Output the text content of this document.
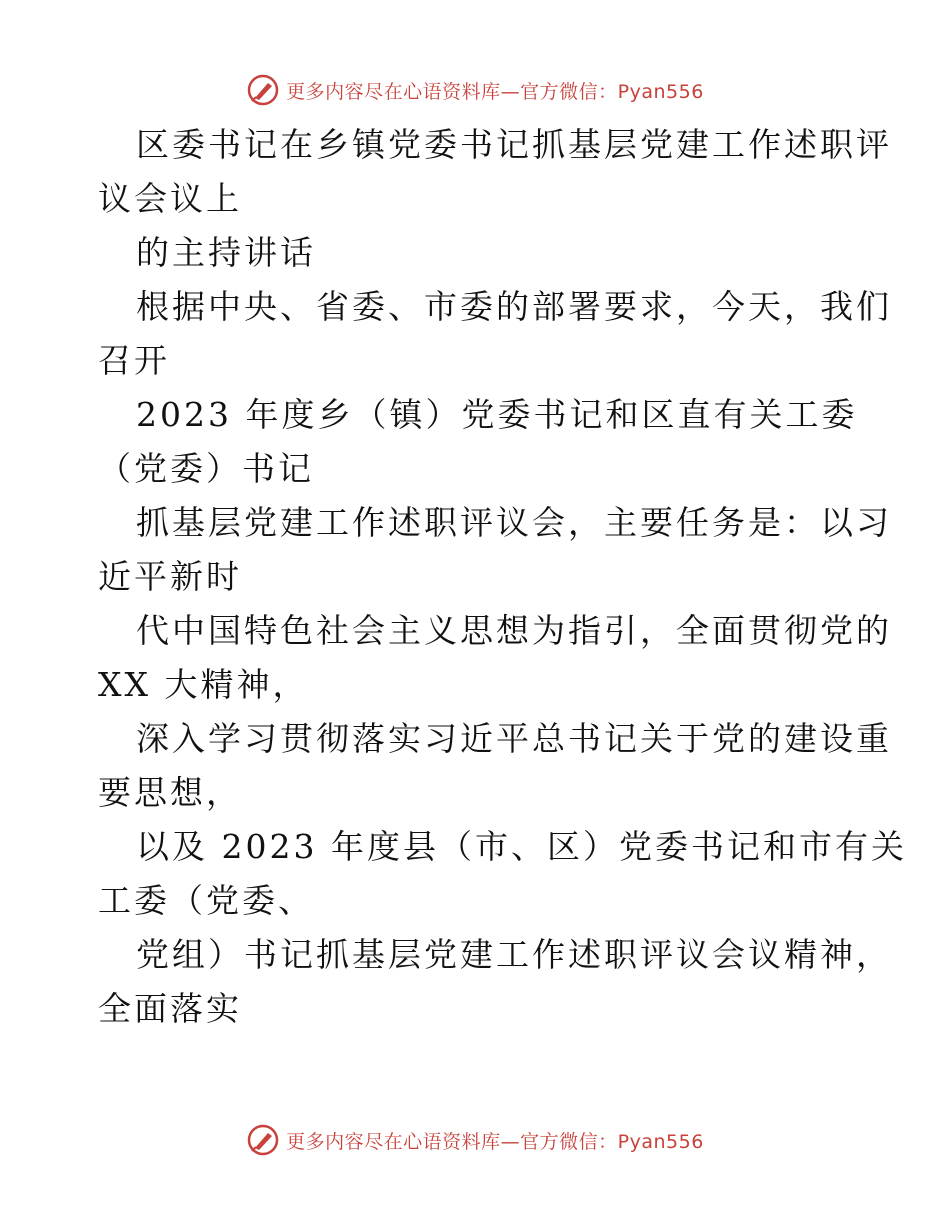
更多内容尽在心语资料库—官方微信：Pyan556
区委书记在乡镇党委书记抓基层党建工作述职评
议会议上
的主持讲话
根据中央、省委、市委的部署要求，今天，我们
召开
2023 年度乡（镇）党委书记和区直有关工委
（党委）书记
抓基层党建工作述职评议会，主要任务是：以习
近平新时
代中国特色社会主义思想为指引，全面贯彻党的
XX 大精神，
深入学习贯彻落实习近平总书记关于党的建设重
要思想，
以及 2023 年度县（市、区）党委书记和市有关
工委（党委、
党组）书记抓基层党建工作述职评议会议精神，
全面落实
更多内容尽在心语资料库—官方微信：Pyan556
